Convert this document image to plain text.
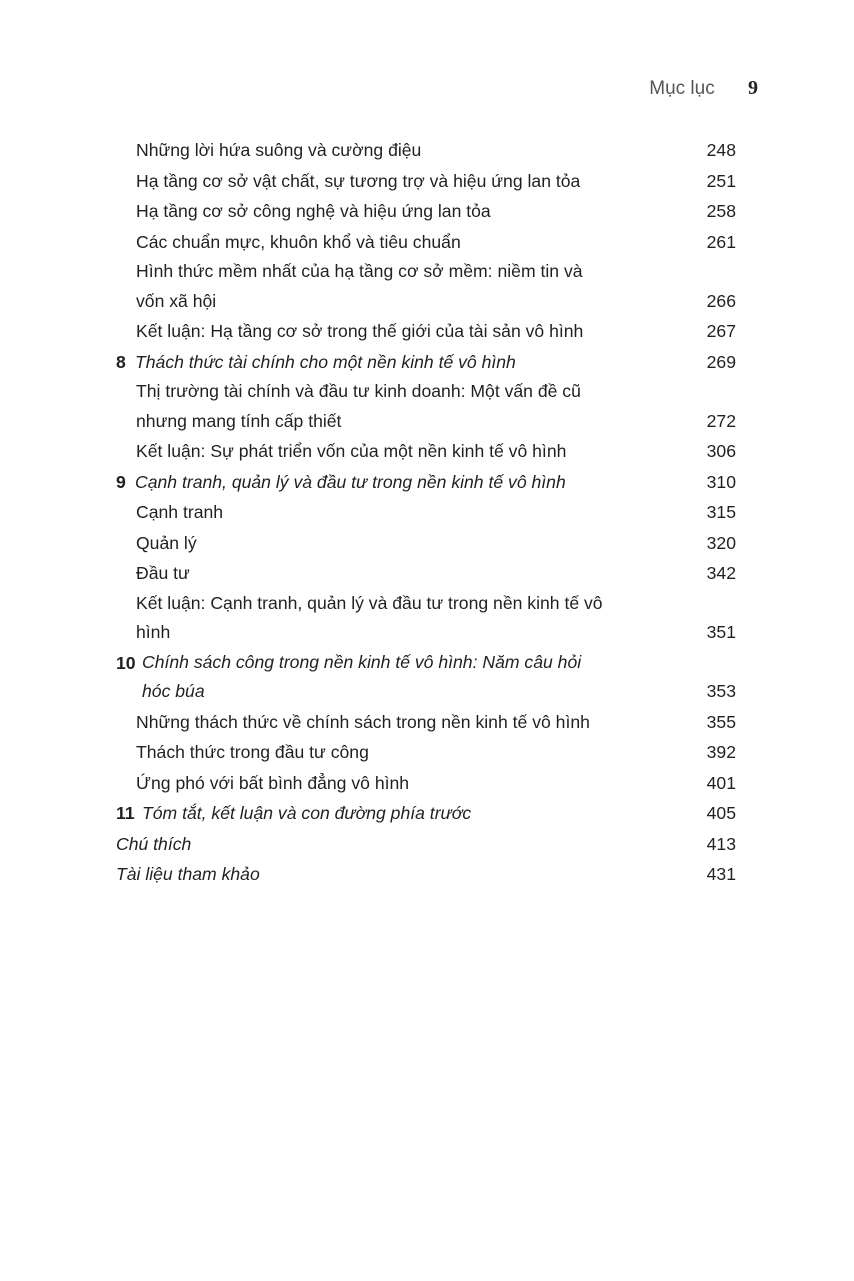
Mục lục 9
Những lời hứa suông và cường điệu	248
Hạ tầng cơ sở vật chất, sự tương trợ và hiệu ứng lan tỏa	251
Hạ tầng cơ sở công nghệ và hiệu ứng lan tỏa	258
Các chuẩn mực, khuôn khổ và tiêu chuẩn	261
Hình thức mềm nhất của hạ tầng cơ sở mềm: niềm tin và
vốn xã hội	266
Kết luận: Hạ tầng cơ sở trong thế giới của tài sản vô hình	267
8 Thách thức tài chính cho một nền kinh tế vô hình	269
Thị trường tài chính và đầu tư kinh doanh: Một vấn đề cũ
nhưng mang tính cấp thiết	272
Kết luận: Sự phát triển vốn của một nền kinh tế vô hình	306
9 Cạnh tranh, quản lý và đầu tư trong nền kinh tế vô hình	310
Cạnh tranh	315
Quản lý	320
Đầu tư	342
Kết luận: Cạnh tranh, quản lý và đầu tư trong nền kinh tế vô
hình	351
10 Chính sách công trong nền kinh tế vô hình: Năm câu hỏi
hóc búa	353
Những thách thức về chính sách trong nền kinh tế vô hình	355
Thách thức trong đầu tư công	392
Ứng phó với bất bình đẳng vô hình	401
11 Tóm tắt, kết luận và con đường phía trước	405
Chú thích	413
Tài liệu tham khảo	431
